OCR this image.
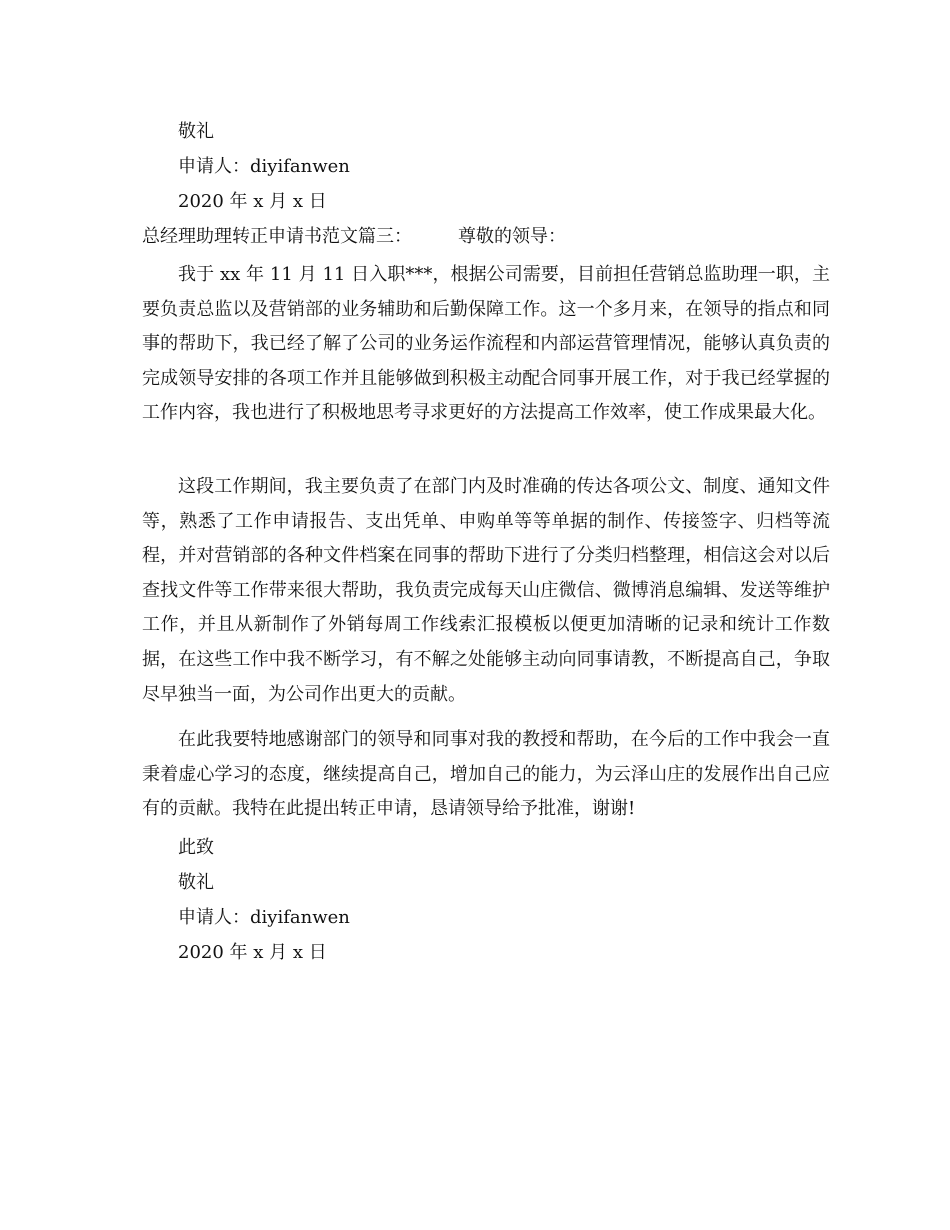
敬礼
申请人：diyifanwen
2020 年 x 月 x 日
总经理助理转正申请书范文篇三：	尊敬的领导：

我于 xx 年 11 月 11 日入职***，根据公司需要，目前担任营销总监助理一职，主要负责总监以及营销部的业务辅助和后勤保障工作。这一个多月来，在领导的指点和同事的帮助下，我已经了解了公司的业务运作流程和内部运营管理情况，能够认真负责的完成领导安排的各项工作并且能够做到积极主动配合同事开展工作，对于我已经掌握的工作内容，我也进行了积极地思考寻求更好的方法提高工作效率，使工作成果最大化。

这段工作期间，我主要负责了在部门内及时准确的传达各项公文、制度、通知文件等，熟悉了工作申请报告、支出凭单、申购单等等单据的制作、传接签字、归档等流程，并对营销部的各种文件档案在同事的帮助下进行了分类归档整理，相信这会对以后查找文件等工作带来很大帮助，我负责完成每天山庄微信、微博消息编辑、发送等维护工作，并且从新制作了外销每周工作线索汇报模板以便更加清晰的记录和统计工作数据，在这些工作中我不断学习，有不解之处能够主动向同事请教，不断提高自己，争取尽早独当一面，为公司作出更大的贡献。

在此我要特地感谢部门的领导和同事对我的教授和帮助，在今后的工作中我会一直秉着虚心学习的态度，继续提高自己，增加自己的能力，为云泽山庄的发展作出自己应有的贡献。我特在此提出转正申请，恳请领导给予批准，谢谢!

此致
敬礼
申请人：diyifanwen
2020 年 x 月 x 日
